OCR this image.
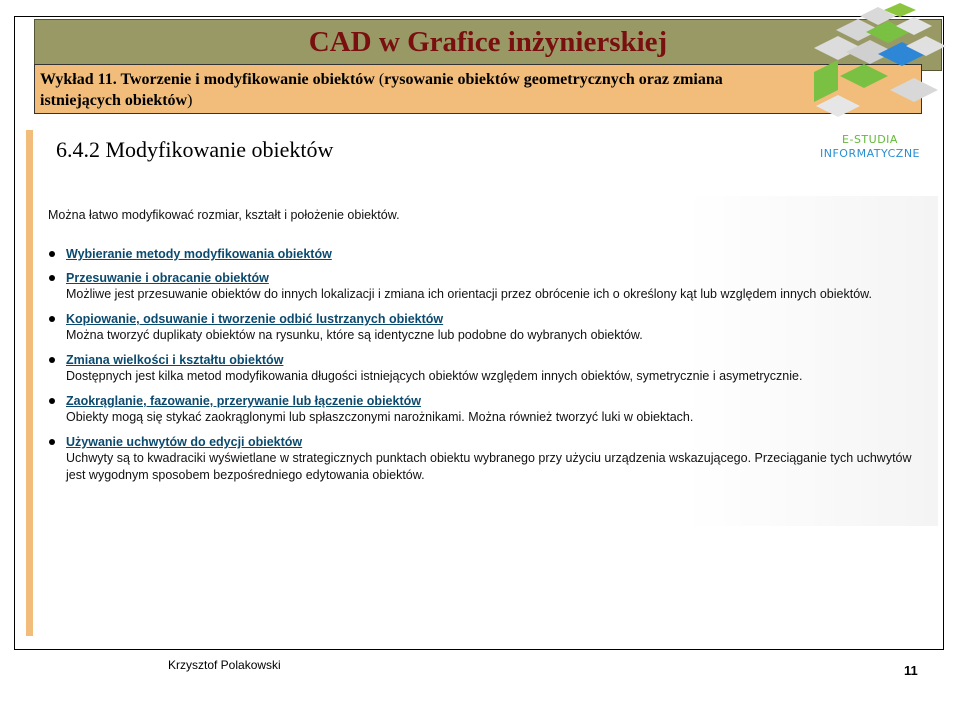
CAD w Grafice inżynierskiej
Wykład 11. Tworzenie i modyfikowanie obiektów (rysowanie obiektów geometrycznych oraz zmiana istniejących obiektów)
E-STUDIA
INFORMATYCZNE
6.4.2 Modyfikowanie obiektów
Można łatwo modyfikować rozmiar, kształt i położenie obiektów.
Wybieranie metody modyfikowania obiektów
Przesuwanie i obracanie obiektów
Możliwe jest przesuwanie obiektów do innych lokalizacji i zmiana ich orientacji przez obrócenie ich o określony kąt lub względem innych obiektów.
Kopiowanie, odsuwanie i tworzenie odbić lustrzanych obiektów
Można tworzyć duplikaty obiektów na rysunku, które są identyczne lub podobne do wybranych obiektów.
Zmiana wielkości i kształtu obiektów
Dostępnych jest kilka metod modyfikowania długości istniejących obiektów względem innych obiektów, symetrycznie i asymetrycznie.
Zaokrąglanie, fazowanie, przerywanie lub łączenie obiektów
Obiekty mogą się stykać zaokrąglonymi lub spłaszczonymi narożnikami. Można również tworzyć luki w obiektach.
Używanie uchwytów do edycji obiektów
Uchwyty są to kwadraciki wyświetlane w strategicznych punktach obiektu wybranego przy użyciu urządzenia wskazującego. Przeciąganie tych uchwytów jest wygodnym sposobem bezpośredniego edytowania obiektów.
Krzysztof Polakowski	11
